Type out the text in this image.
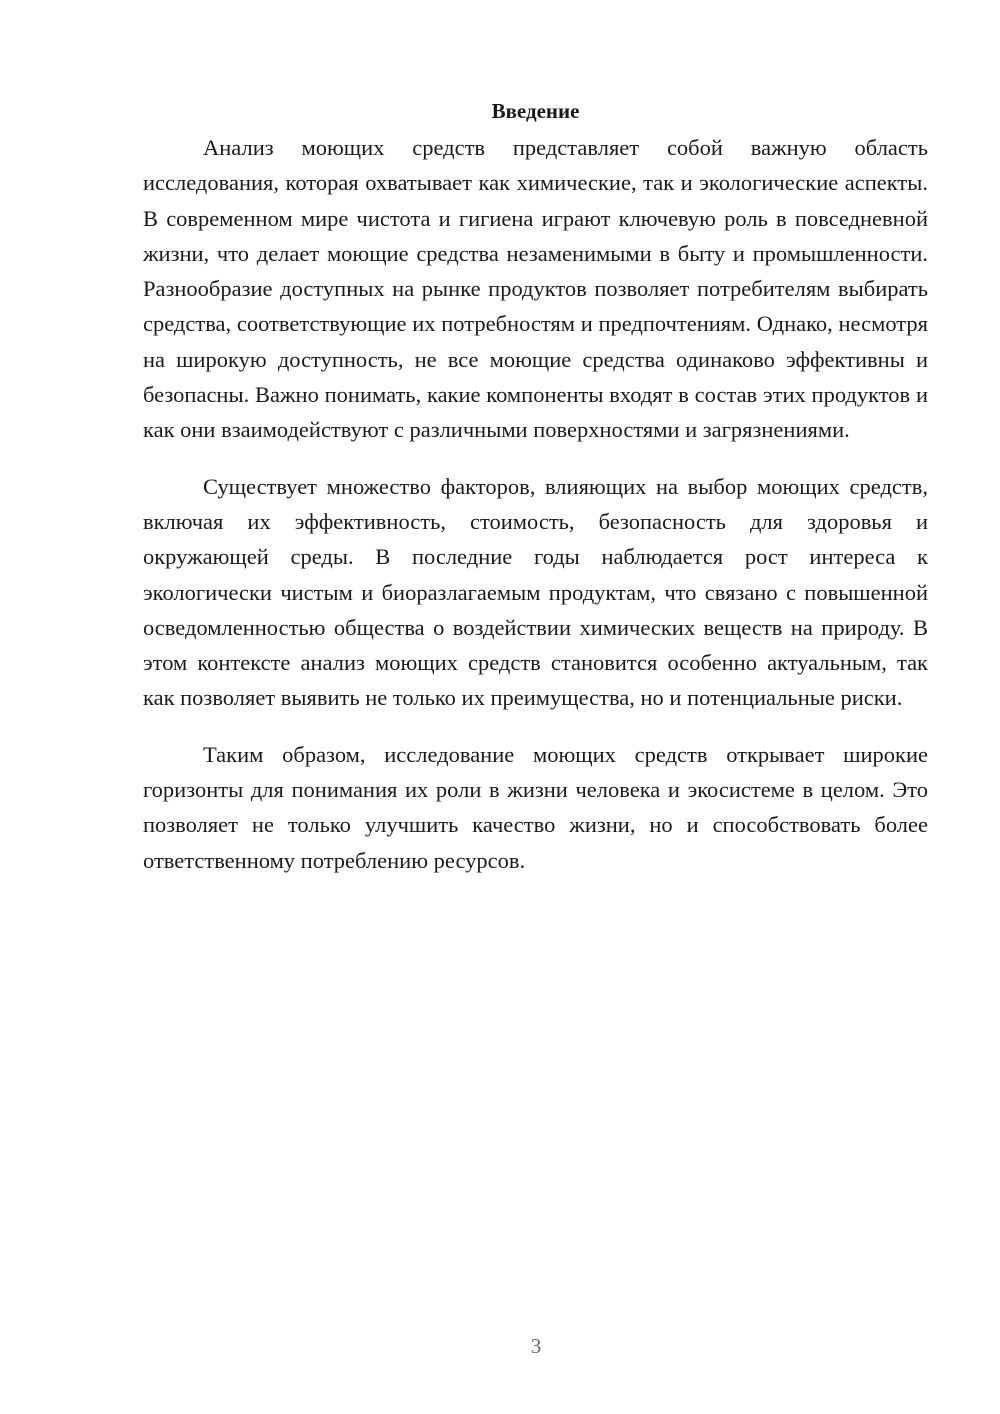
Введение

Анализ моющих средств представляет собой важную область исследования, которая охватывает как химические, так и экологические аспекты. В современном мире чистота и гигиена играют ключевую роль в повседневной жизни, что делает моющие средства незаменимыми в быту и промышленности. Разнообразие доступных на рынке продуктов позволяет потребителям выбирать средства, соответствующие их потребностям и предпочтениям. Однако, несмотря на широкую доступность, не все моющие средства одинаково эффективны и безопасны. Важно понимать, какие компоненты входят в состав этих продуктов и как они взаимодействуют с различными поверхностями и загрязнениями.

Существует множество факторов, влияющих на выбор моющих средств, включая их эффективность, стоимость, безопасность для здоровья и окружающей среды. В последние годы наблюдается рост интереса к экологически чистым и биоразлагаемым продуктам, что связано с повышенной осведомленностью общества о воздействии химических веществ на природу. В этом контексте анализ моющих средств становится особенно актуальным, так как позволяет выявить не только их преимущества, но и потенциальные риски.

Таким образом, исследование моющих средств открывает широкие горизонты для понимания их роли в жизни человека и экосистеме в целом. Это позволяет не только улучшить качество жизни, но и способствовать более ответственному потреблению ресурсов.

3
